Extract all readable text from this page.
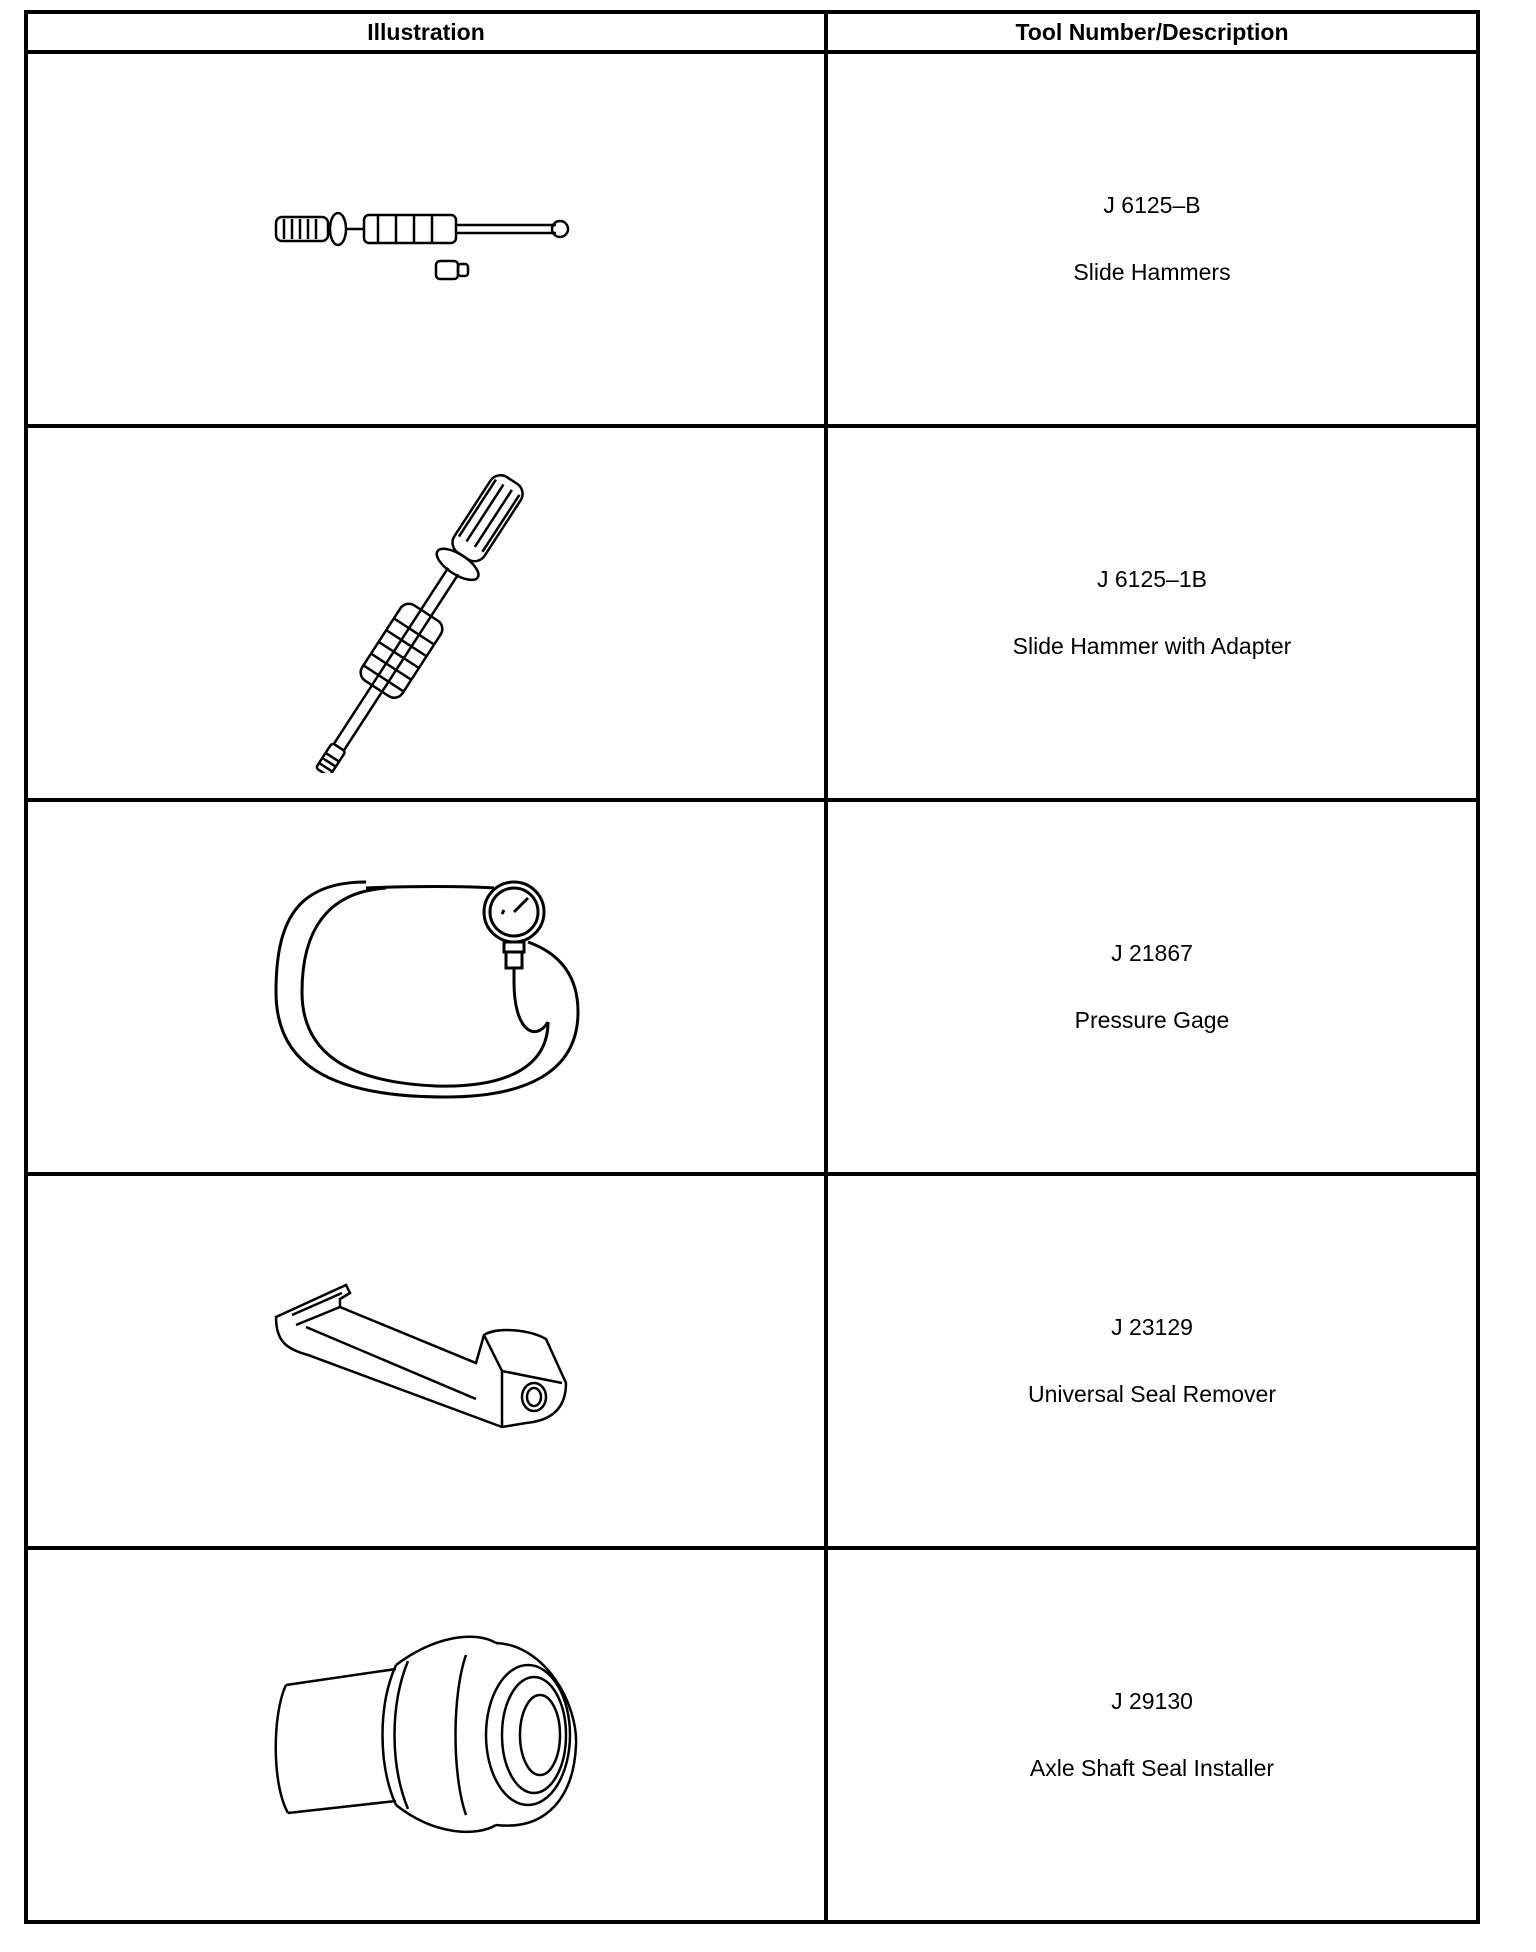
Illustration	Tool Number/Description

J 6125–B
Slide Hammers

J 6125–1B
Slide Hammer with Adapter

J 21867
Pressure Gage

J 23129
Universal Seal Remover

J 29130
Axle Shaft Seal Installer
